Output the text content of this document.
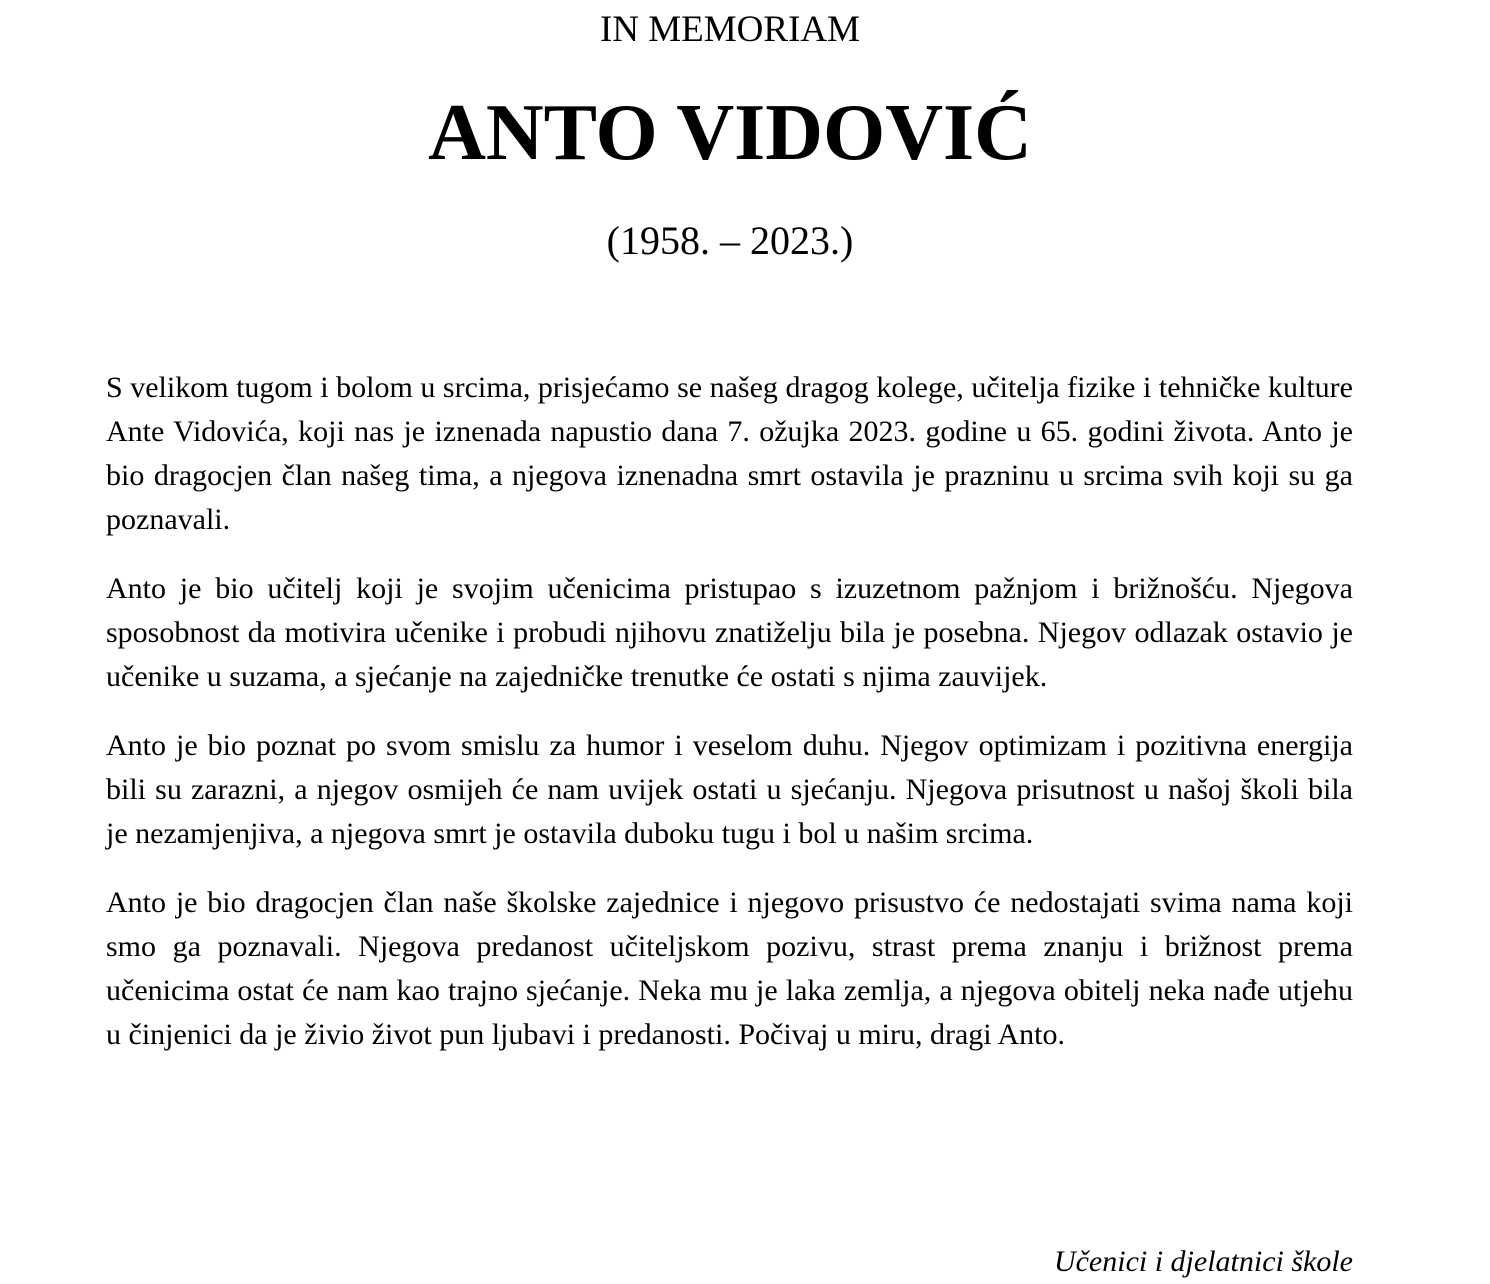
IN MEMORIAM
ANTO VIDOVIĆ
(1958. – 2023.)

S velikom tugom i bolom u srcima, prisjećamo se našeg dragog kolege, učitelja fizike i tehničke kulture Ante Vidovića, koji nas je iznenada napustio dana 7. ožujka 2023. godine u 65. godini života. Anto je bio dragocjen član našeg tima, a njegova iznenadna smrt ostavila je prazninu u srcima svih koji su ga poznavali.

Anto je bio učitelj koji je svojim učenicima pristupao s izuzetnom pažnjom i brižnošću. Njegova sposobnost da motivira učenike i probudi njihovu znatiželju bila je posebna. Njegov odlazak ostavio je učenike u suzama, a sjećanje na zajedničke trenutke će ostati s njima zauvijek.

Anto je bio poznat po svom smislu za humor i veselom duhu. Njegov optimizam i pozitivna energija bili su zarazni, a njegov osmijeh će nam uvijek ostati u sjećanju. Njegova prisutnost u našoj školi bila je nezamjenjiva, a njegova smrt je ostavila duboku tugu i bol u našim srcima.

Anto je bio dragocjen član naše školske zajednice i njegovo prisustvo će nedostajati svima nama koji smo ga poznavali. Njegova predanost učiteljskom pozivu, strast prema znanju i brižnost prema učenicima ostat će nam kao trajno sjećanje. Neka mu je laka zemlja, a njegova obitelj neka nađe utjehu u činjenici da je živio život pun ljubavi i predanosti. Počivaj u miru, dragi Anto.

Učenici i djelatnici škole
